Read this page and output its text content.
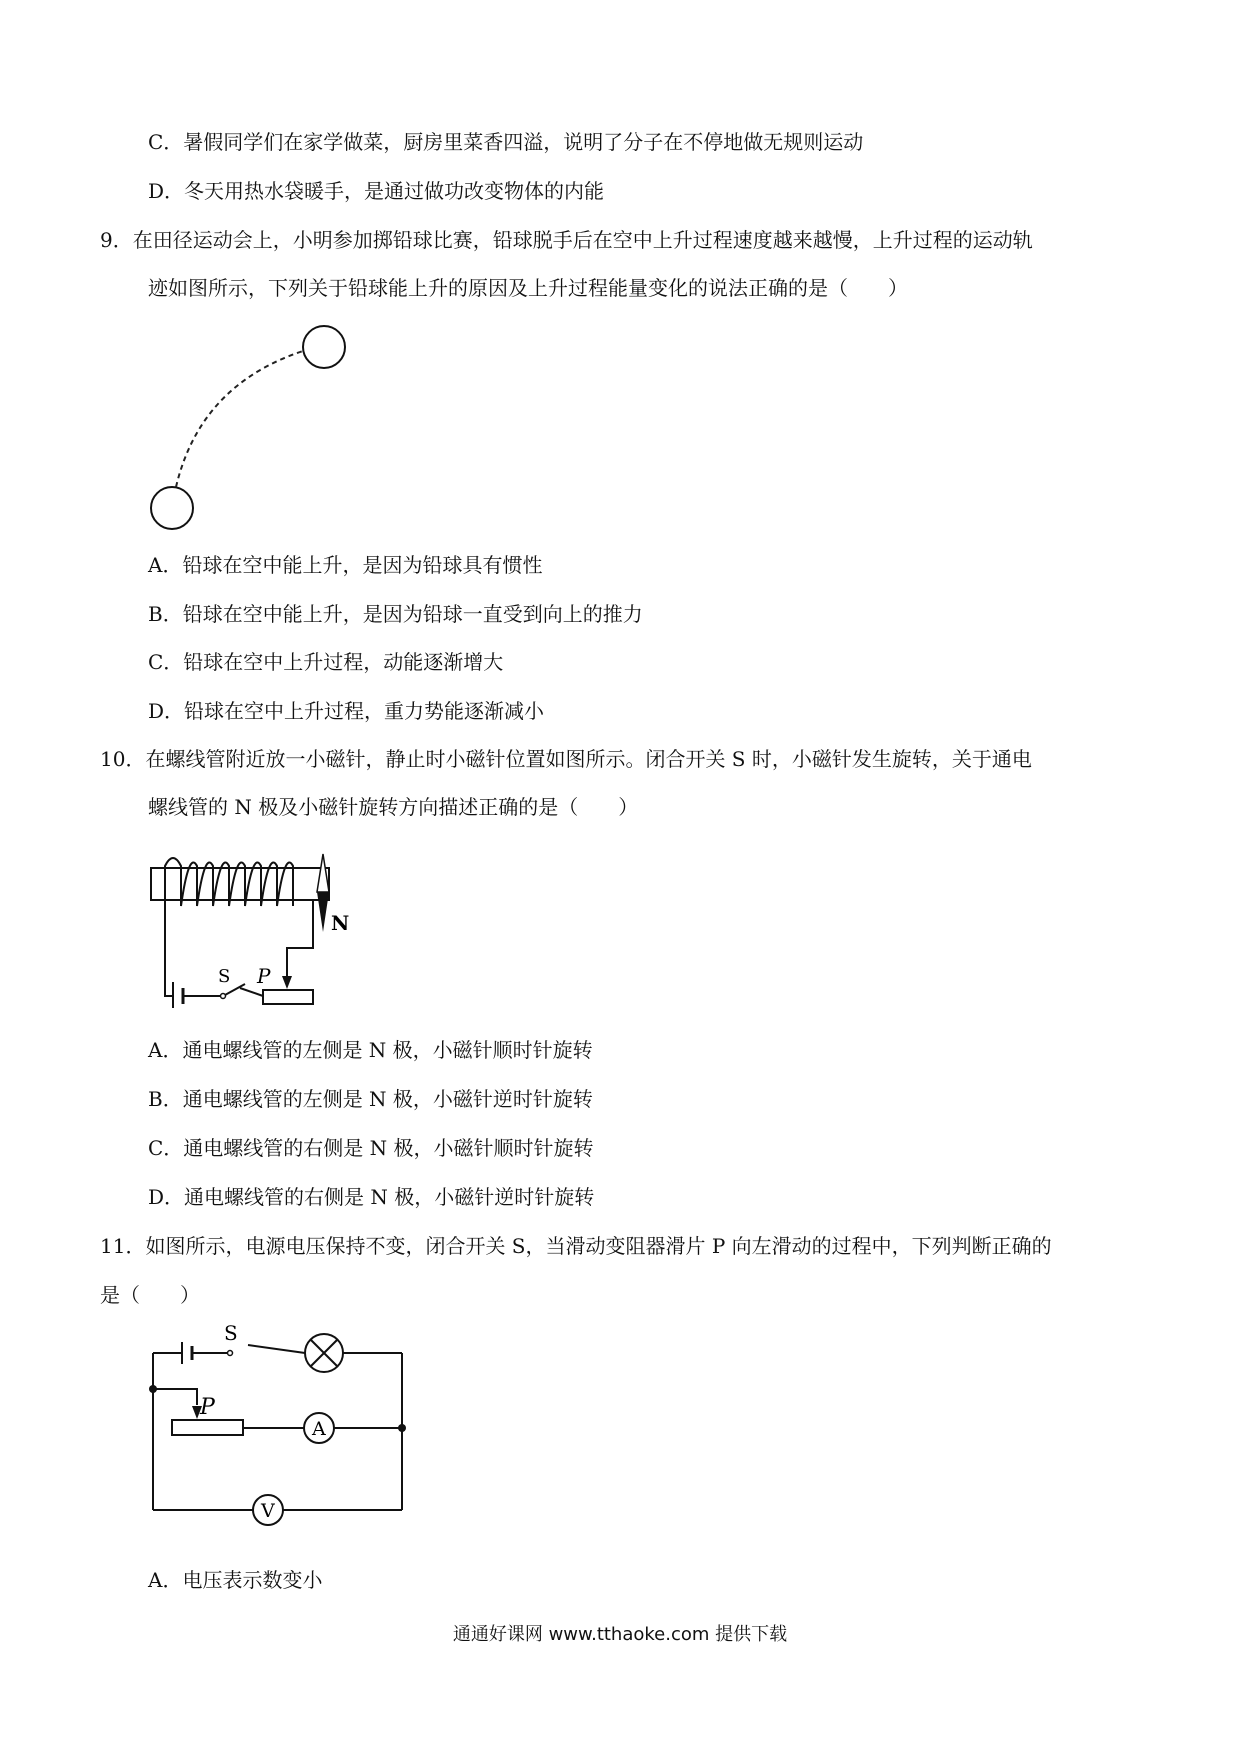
C．暑假同学们在家学做菜，厨房里菜香四溢，说明了分子在不停地做无规则运动
D．冬天用热水袋暖手，是通过做功改变物体的内能
9．在田径运动会上，小明参加掷铅球比赛，铅球脱手后在空中上升过程速度越来越慢，上升过程的运动轨
迹如图所示，下列关于铅球能上升的原因及上升过程能量变化的说法正确的是（　　）
A．铅球在空中能上升，是因为铅球具有惯性
B．铅球在空中能上升，是因为铅球一直受到向上的推力
C．铅球在空中上升过程，动能逐渐增大
D．铅球在空中上升过程，重力势能逐渐减小
10．在螺线管附近放一小磁针，静止时小磁针位置如图所示。闭合开关 S 时，小磁针发生旋转，关于通电
螺线管的 N 极及小磁针旋转方向描述正确的是（　　）
S P
N
A．通电螺线管的左侧是 N 极，小磁针顺时针旋转
B．通电螺线管的左侧是 N 极，小磁针逆时针旋转
C．通电螺线管的右侧是 N 极，小磁针顺时针旋转
D．通电螺线管的右侧是 N 极，小磁针逆时针旋转
11．如图所示，电源电压保持不变，闭合开关 S，当滑动变阻器滑片 P 向左滑动的过程中，下列判断正确的
是（　　）
S
P
A
V
A．电压表示数变小
通通好课网 www.tthaoke.com 提供下载
